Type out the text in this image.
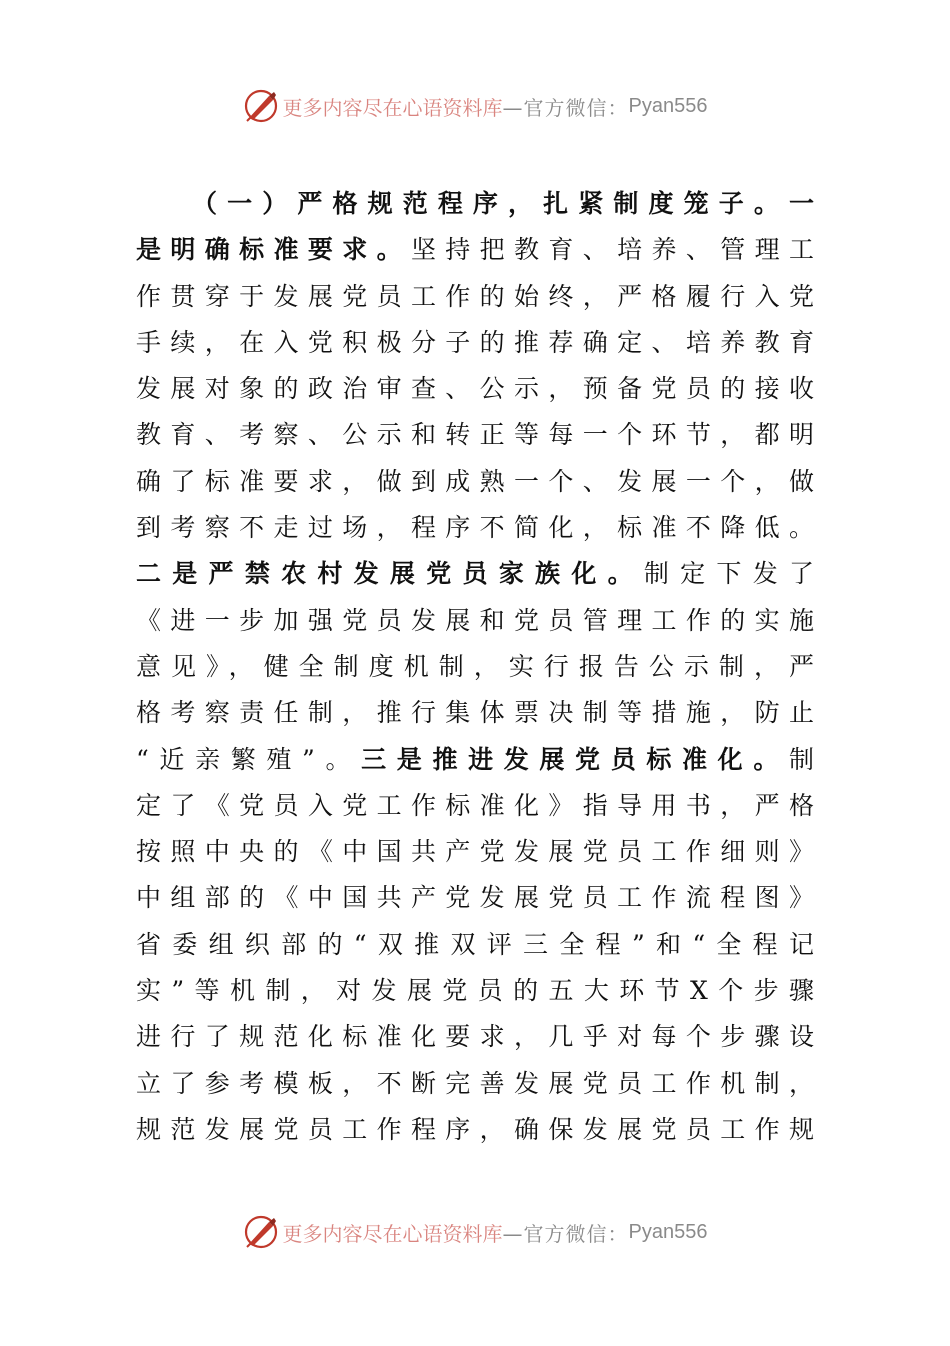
更多内容尽在心语资料库 —官方微信： Pyan556
（一）严格规范程序，扎紧制度笼子。一
是明确标准要求。坚持把教育、培养、管理工
作贯穿于发展党员工作的始终，严格履行入党
手续，在入党积极分子的推荐确定、培养教育
发展对象的政治审查、公示，预备党员的接收
教育、考察、公示和转正等每一个环节，都明
确了标准要求，做到成熟一个、发展一个，做
到考察不走过场，程序不简化，标准不降低。
二是严禁农村发展党员家族化。制定下发了
《进一步加强党员发展和党员管理工作的实施
意见》，健全制度机制，实行报告公示制，严
格考察责任制，推行集体票决制等措施，防止
“近亲繁殖”。三是推进发展党员标准化。制
定了《党员入党工作标准化》指导用书，严格
按照中央的《中国共产党发展党员工作细则》
中组部的《中国共产党发展党员工作流程图》
省委组织部的“双推双评三全程”和“全程记
实”等机制，对发展党员的五大环节X个步骤
进行了规范化标准化要求，几乎对每个步骤设
立了参考模板，不断完善发展党员工作机制，
规范发展党员工作程序，确保发展党员工作规
更多内容尽在心语资料库 —官方微信： Pyan556
